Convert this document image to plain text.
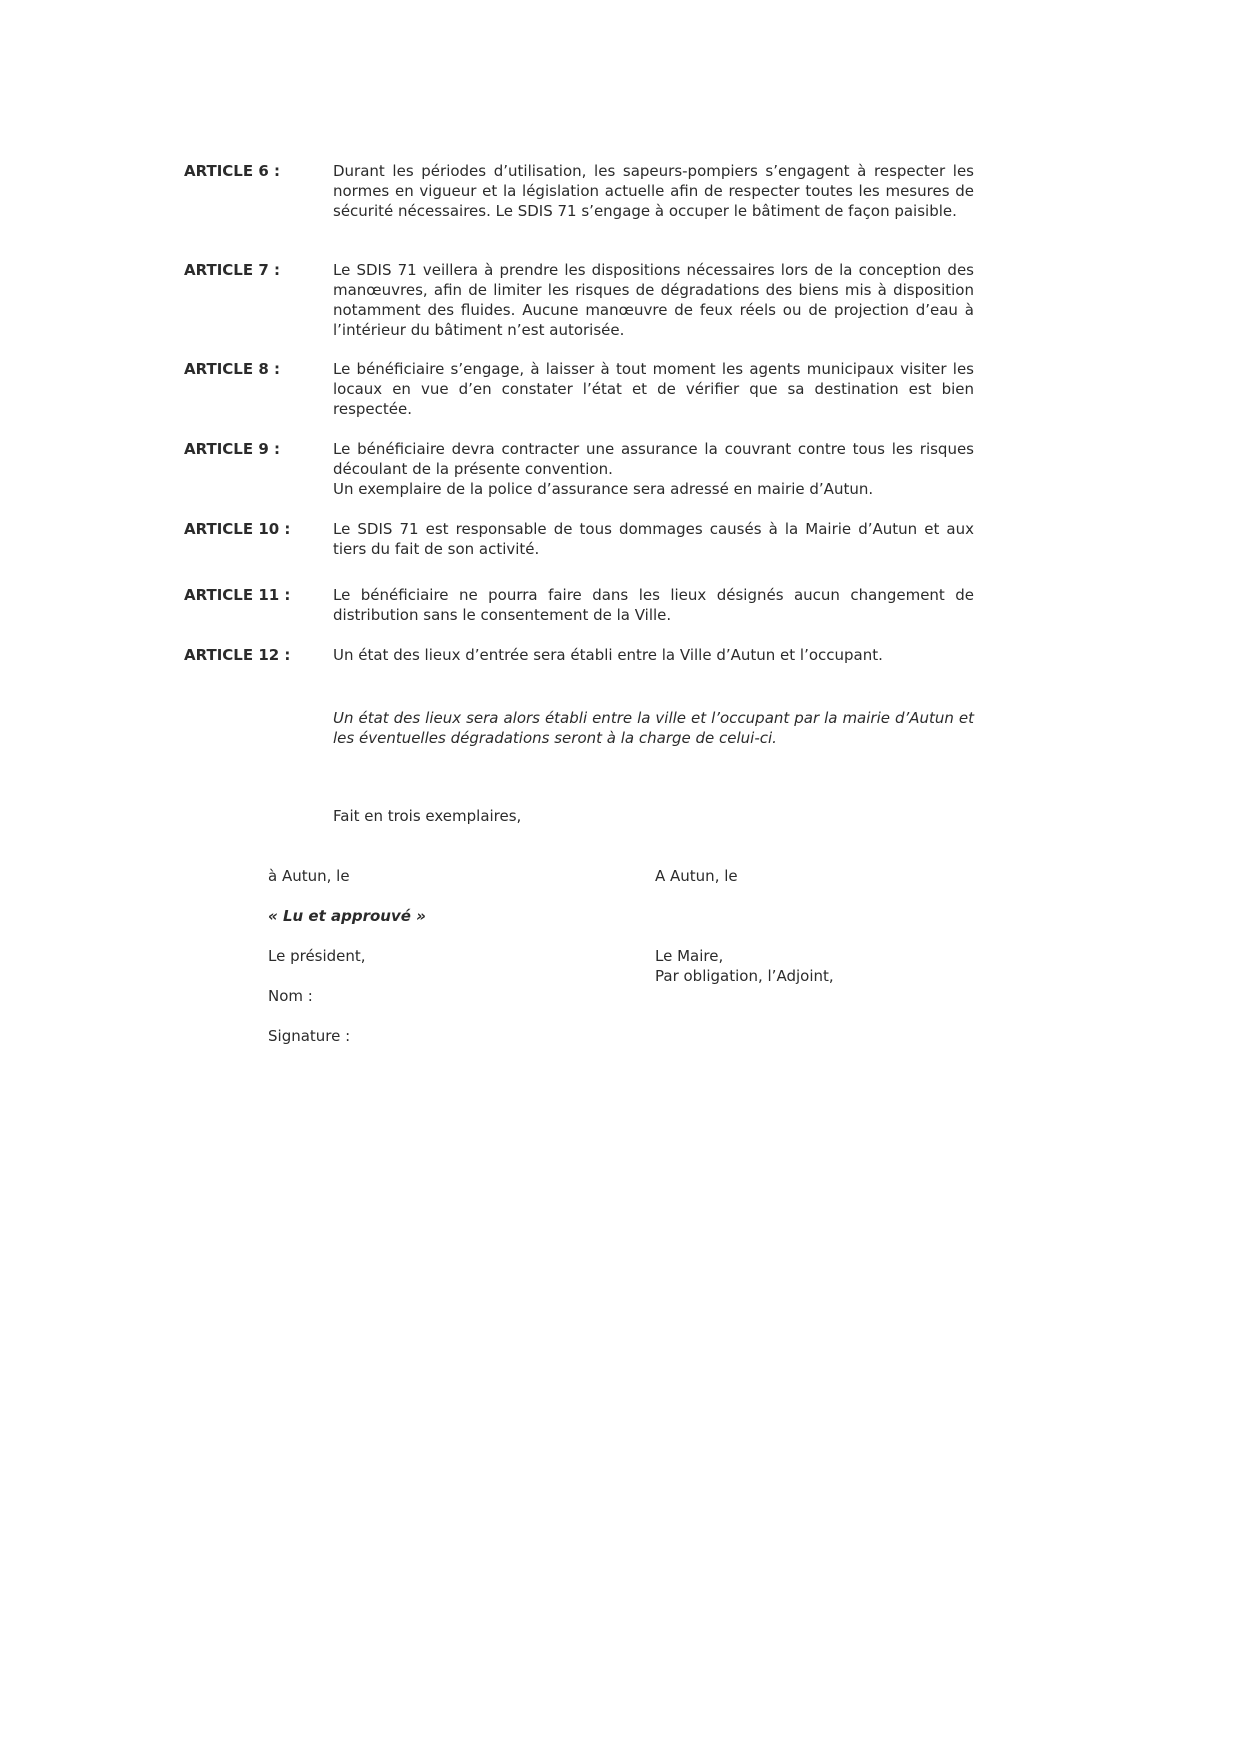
ARTICLE 6 :	Durant les périodes d’utilisation, les sapeurs-pompiers s’engagent à respecter les normes en vigueur et la législation actuelle afin de respecter toutes les mesures de sécurité nécessaires. Le SDIS 71 s’engage à occuper le bâtiment de façon paisible.

ARTICLE 7 :	Le SDIS 71 veillera à prendre les dispositions nécessaires lors de la conception des manœuvres, afin de limiter les risques de dégradations des biens mis à disposition notamment des fluides. Aucune manœuvre de feux réels ou de projection d’eau à l’intérieur du bâtiment n’est autorisée.

ARTICLE 8 :	Le bénéficiaire s’engage, à laisser à tout moment les agents municipaux visiter les locaux en vue d’en constater l’état et de vérifier que sa destination est bien respectée.

ARTICLE 9 :	Le bénéficiaire devra contracter une assurance la couvrant contre tous les risques découlant de la présente convention.

Un exemplaire de la police d’assurance sera adressé en mairie d’Autun.

ARTICLE 10 :	Le SDIS 71 est responsable de tous dommages causés à la Mairie d’Autun et aux tiers du fait de son activité.

ARTICLE 11 :	Le bénéficiaire ne pourra faire dans les lieux désignés aucun changement de distribution sans le consentement de la Ville.

ARTICLE 12 :	Un état des lieux d’entrée sera établi entre la Ville d’Autun et l’occupant.

Un état des lieux sera alors établi entre la ville et l’occupant par la mairie d’Autun et les éventuelles dégradations seront à la charge de celui-ci.
Fait en trois exemplaires,
à Autun, le
« Lu et approuvé »
Le président,
Nom :
Signature :
A Autun, le
Le Maire,
Par obligation, l’Adjoint,
